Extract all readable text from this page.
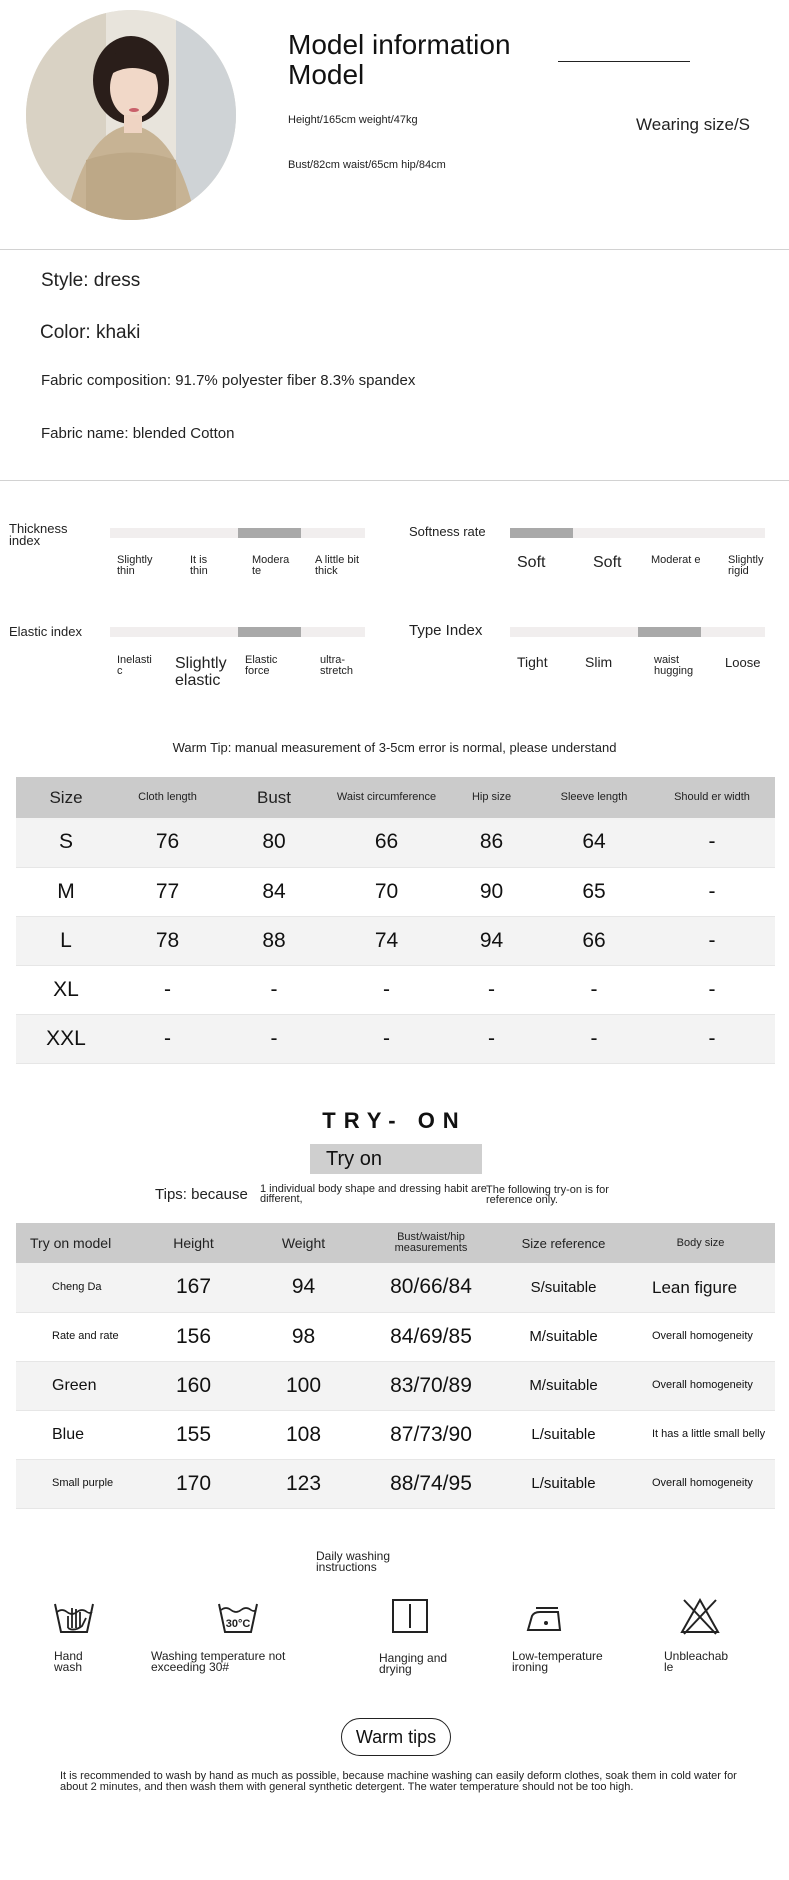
Model information
Model
Height/165cm weight/47kg
Bust/82cm waist/65cm hip/84cm
Wearing size/S
Style: dress
Color: khaki
Fabric composition: 91.7% polyester fiber 8.3% spandex
Fabric name: blended Cotton
Thickness index
Slightly thin
It is thin
Modera te
A little bit thick
Softness rate
Soft	Soft	Moderat e Slightly rigid
Elastic index
Inelasti c	Slightly elastic
Elastic force
ultra-stretch
Type Index
Tight	Slim	waist hugging
Loose
Warm Tip: manual measurement of 3-5cm error is normal, please understand
Size	Cloth length	Bust	Waist circumference	Hip size	Sleeve length	Should er width
S	76	80	66	86	64	-
M	77	84	70	90	65	-
L	78	88	74	94	66	-
XL	-	-	-	-	-	-
XXL	-	-	-	-	-	-
TRY- ON
Try on
Tips: because 1 individual body shape and dressing habit are different,
The following try-on is for reference only.
Try on model	Height	Weight	Bust/waist/hip measurements	Size reference	Body size
Cheng Da	167	94	80/66/84	S/suitable	Lean figure
Rate and rate	156	98	84/69/85	M/suitable	Overall homogeneity
Green	160	100	83/70/89	M/suitable	Overall homogeneity
Blue	155	108	87/73/90	L/suitable	It has a little small belly
Small purple	170	123	88/74/95	L/suitable	Overall homogeneity
Daily washing instructions
30°C
Hand wash
Washing temperature not exceeding 30#
Hanging and drying
Low-temperature ironing
Unbleachab le
Warm tips
It is recommended to wash by hand as much as possible, because machine washing can easily deform clothes, soak them in cold water for about 2 minutes, and then wash them with general synthetic detergent. The water temperature should not be too high.
